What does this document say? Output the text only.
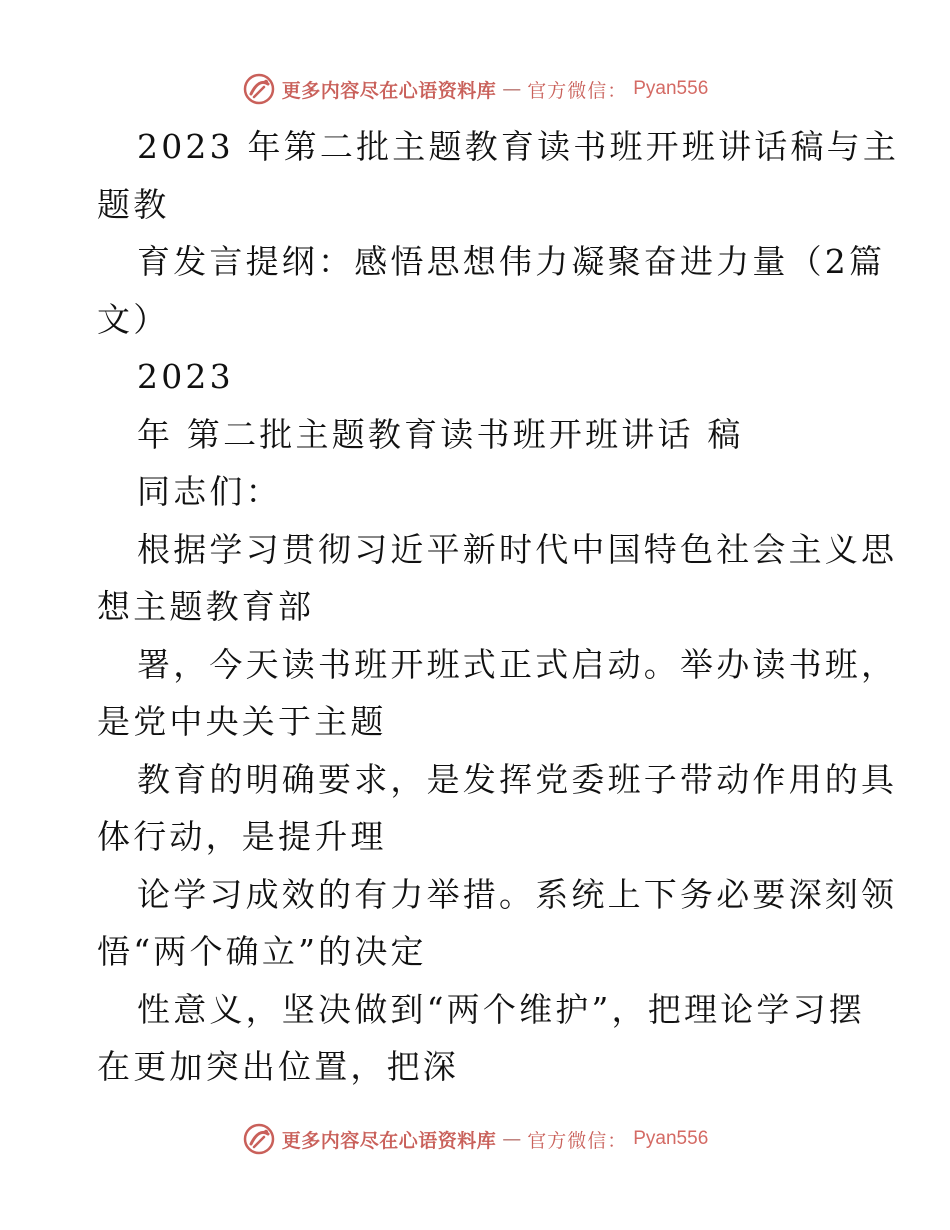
更多内容尽在心语资料库 — 官方微信： Pyan556
2023 年第二批主题教育读书班开班讲话稿与主
题教
育发言提纲：感悟思想伟力凝聚奋进力量（2篇
文）
2023
年 第二批主题教育读书班开班讲话 稿
同志们：
根据学习贯彻习近平新时代中国特色社会主义思
想主题教育部
署，今天读书班开班式正式启动。举办读书班，
是党中央关于主题
教育的明确要求，是发挥党委班子带动作用的具
体行动，是提升理
论学习成效的有力举措。系统上下务必要深刻领
悟“两个确立”的决定
性意义，坚决做到“两个维护”，把理论学习摆
在更加突出位置，把深
更多内容尽在心语资料库 — 官方微信： Pyan556
